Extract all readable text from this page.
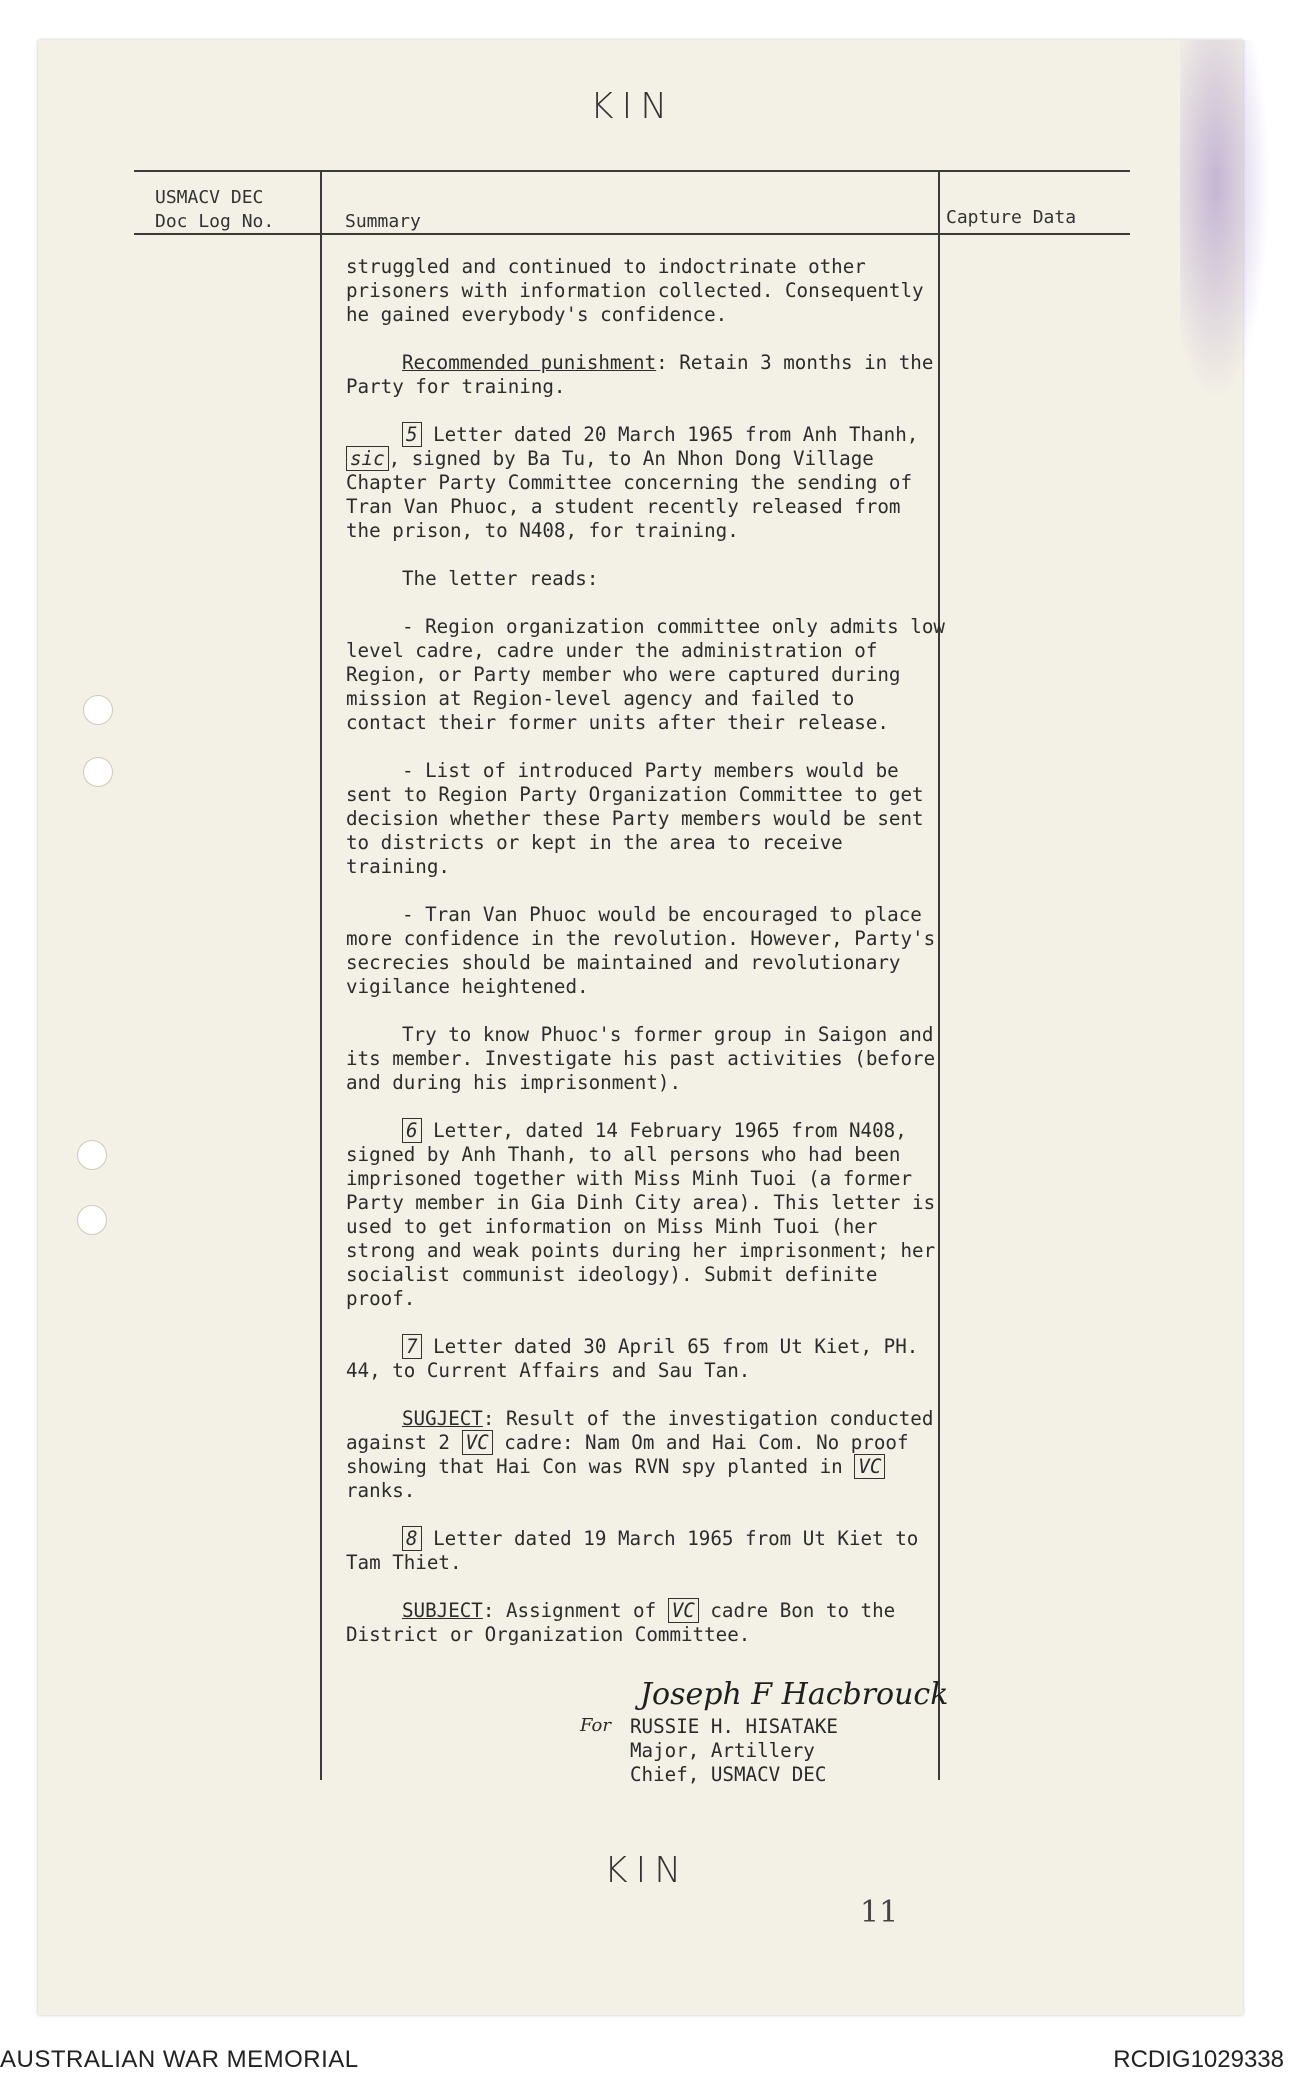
KIN
USMACV DEC
Doc Log No.	Summary	Capture Data

struggled and continued to indoctrinate other prisoners with information collected. Consequently he gained everybody's confidence.

Recommended punishment: Retain 3 months in the Party for training.

5 Letter dated 20 March 1965 from Anh Thanh, sic , signed by Ba Tu, to An Nhon Dong Village Chapter Party Committee concerning the sending of Tran Van Phuoc, a student recently released from the prison, to N408, for training.

The letter reads:

- Region organization committee only admits low level cadre, cadre under the administration of Region, or Party member who were captured during mission at Region-level agency and failed to contact their former units after their release.

- List of introduced Party members would be sent to Region Party Organization Committee to get decision whether these Party members would be sent to districts or kept in the area to receive training.

- Tran Van Phuoc would be encouraged to place more confidence in the revolution. However, Party's secrecies should be maintained and revolutionary vigilance heightened.

Try to know Phuoc's former group in Saigon and its member. Investigate his past activities (before and during his imprisonment).

6 Letter, dated 14 February 1965 from N408, signed by Anh Thanh, to all persons who had been imprisoned together with Miss Minh Tuoi (a former Party member in Gia Dinh City area). This letter is used to get information on Miss Minh Tuoi (her strong and weak points during her imprisonment; her socialist communist ideology). Submit definite proof.

7 Letter dated 30 April 65 from Ut Kiet, PH. 44, to Current Affairs and Sau Tan.

SUGJECT: Result of the investigation conducted against 2 VC cadre: Nam Om and Hai Com. No proof showing that Hai Con was RVN spy planted in VC ranks.

8 Letter dated 19 March 1965 from Ut Kiet to Tam Thiet.

SUBJECT: Assignment of VC cadre Bon to the District or Organization Committee.

Joseph F Hacbrouck
For RUSSIE H. HISATAKE
Major, Artillery
Chief, USMACV DEC
KIN
11
AUSTRALIAN WAR MEMORIAL	RCDIG1029338
